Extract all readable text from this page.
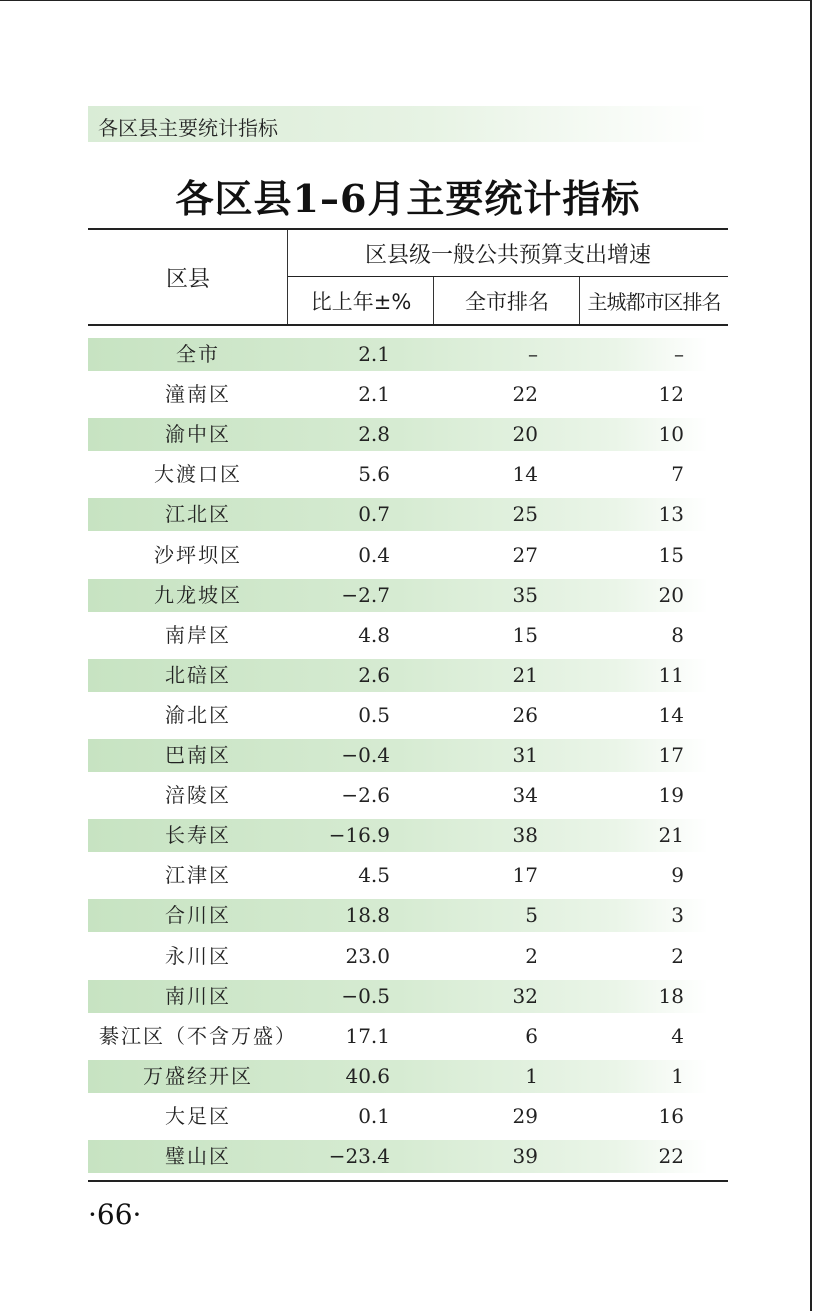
各区县主要统计指标
各区县1–6月主要统计指标
区县
区县级一般公共预算支出增速
比上年±%	全市排名	主城都市区排名
全市	2.1	–	–
潼南区	2.1	22	12
渝中区	2.8	20	10
大渡口区	5.6	14	7
江北区	0.7	25	13
沙坪坝区	0.4	27	15
九龙坡区	−2.7	35	20
南岸区	4.8	15	8
北碚区	2.6	21	11
渝北区	0.5	26	14
巴南区	−0.4	31	17
涪陵区	−2.6	34	19
长寿区	−16.9	38	21
江津区	4.5	17	9
合川区	18.8	5	3
永川区	23.0	2	2
南川区	−0.5	32	18
綦江区（不含万盛）	17.1	6	4
万盛经开区	40.6	1	1
大足区	0.1	29	16
璧山区	−23.4	39	22
·66·
